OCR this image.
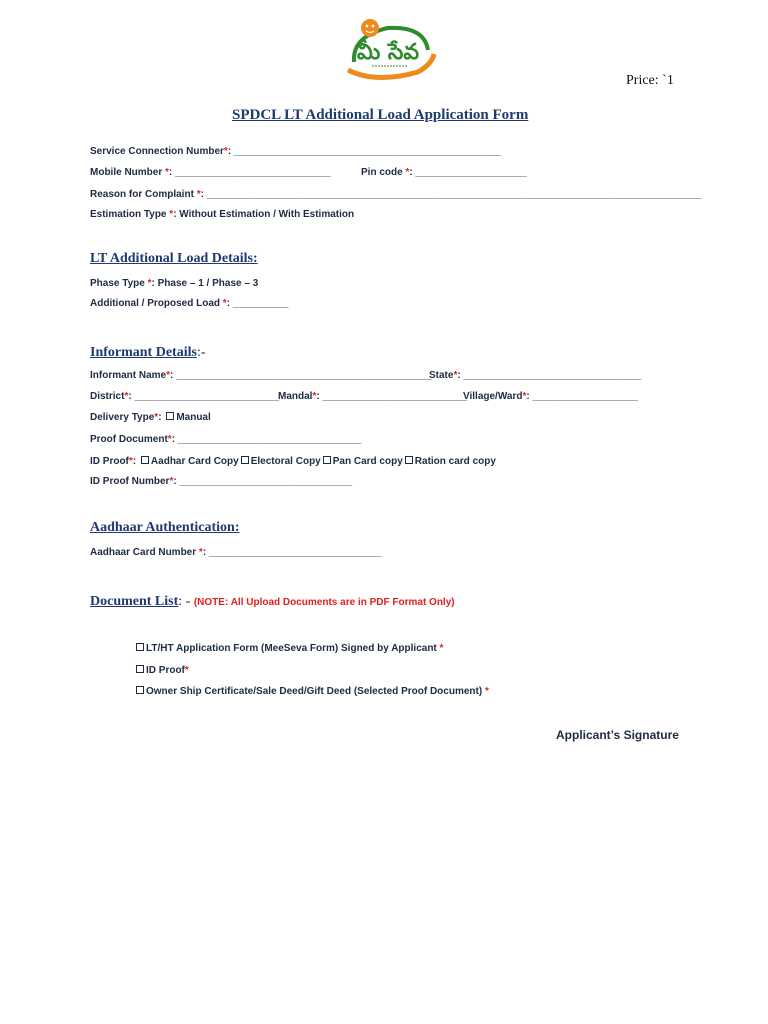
మీ సేవ
Price: `1
SPDCL LT Additional Load Application Form
Service Connection Number*: ________________________________________________
Mobile Number *: ____________________________	Pin code *: ____________________
Reason for Complaint *: _________________________________________________________________________________________
Estimation Type *: Without Estimation / With Estimation
LT Additional Load Details:
Phase Type *: Phase – 1 / Phase – 3
Additional / Proposed Load *: __________
Informant Details:-
Informant Name*: ______________________________________________
State*: ________________________________
District*: __________________________
Mandal*: __________________________
Village/Ward*: ___________________
Delivery Type*: Manual
Proof Document*: _________________________________
ID Proof*: Aadhar Card Copy Electoral Copy Pan Card copy Ration card copy
ID Proof Number*: _______________________________
Aadhaar Authentication:
Aadhaar Card Number *: _______________________________
Document List: - (NOTE: All Upload Documents are in PDF Format Only)
LT/HT Application Form (MeeSeva Form) Signed by Applicant *
ID Proof*
Owner Ship Certificate/Sale Deed/Gift Deed (Selected Proof Document) *
Applicant’s Signature
